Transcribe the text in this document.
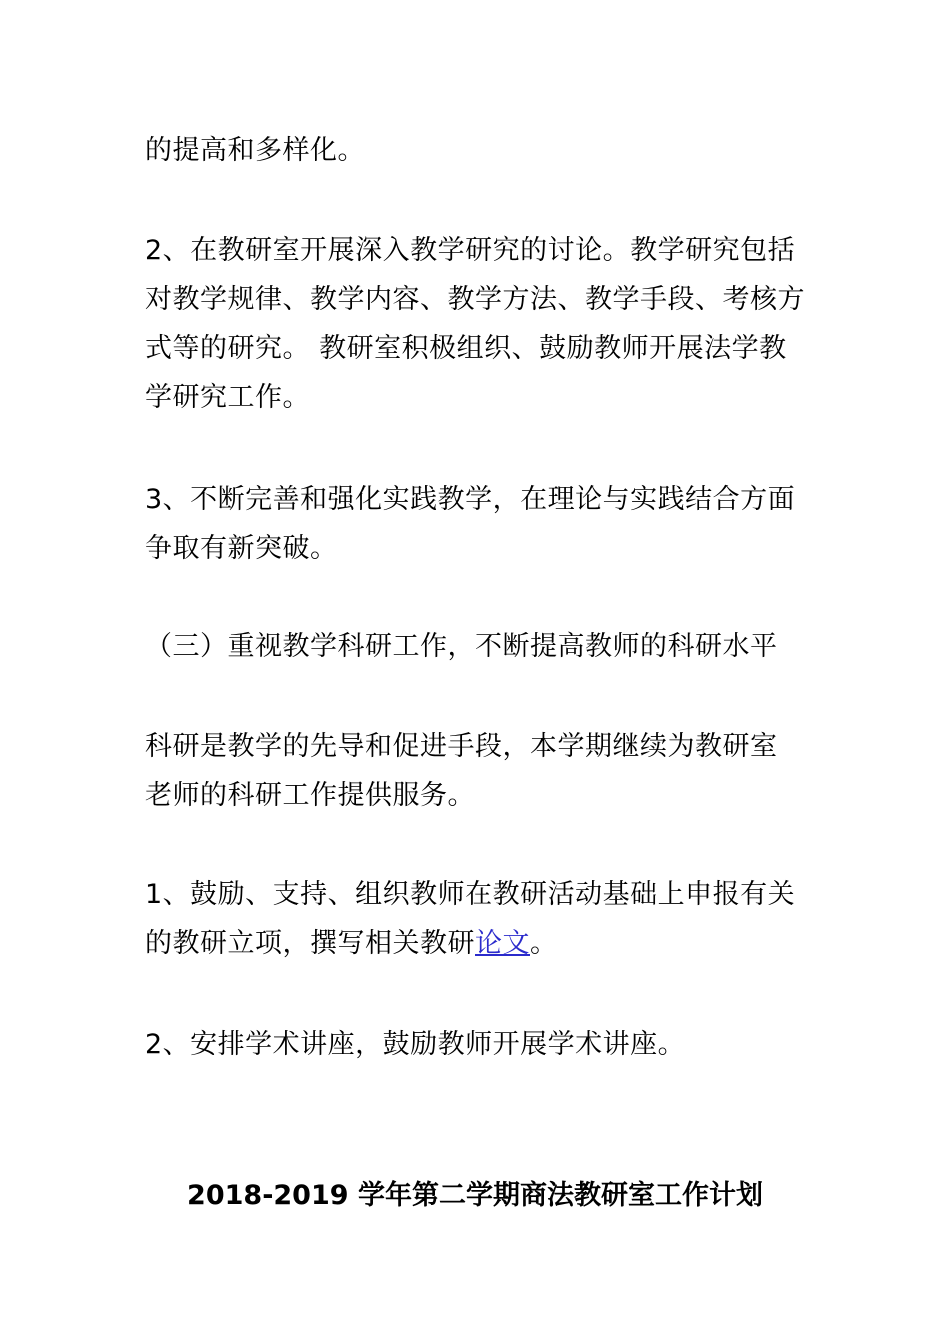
的提高和多样化。

2、在教研室开展深入教学研究的讨论。教学研究包括
对教学规律、教学内容、教学方法、教学手段、考核方
式等的研究。 教研室积极组织、鼓励教师开展法学教
学研究工作。

3、不断完善和强化实践教学，在理论与实践结合方面
争取有新突破。

（三）重视教学科研工作，不断提高教师的科研水平

科研是教学的先导和促进手段，本学期继续为教研室
老师的科研工作提供服务。

1、鼓励、支持、组织教师在教研活动基础上申报有关
的教研立项，撰写相关教研论文。

2、安排学术讲座，鼓励教师开展学术讲座。

2018-2019 学年第二学期商法教研室工作计划
